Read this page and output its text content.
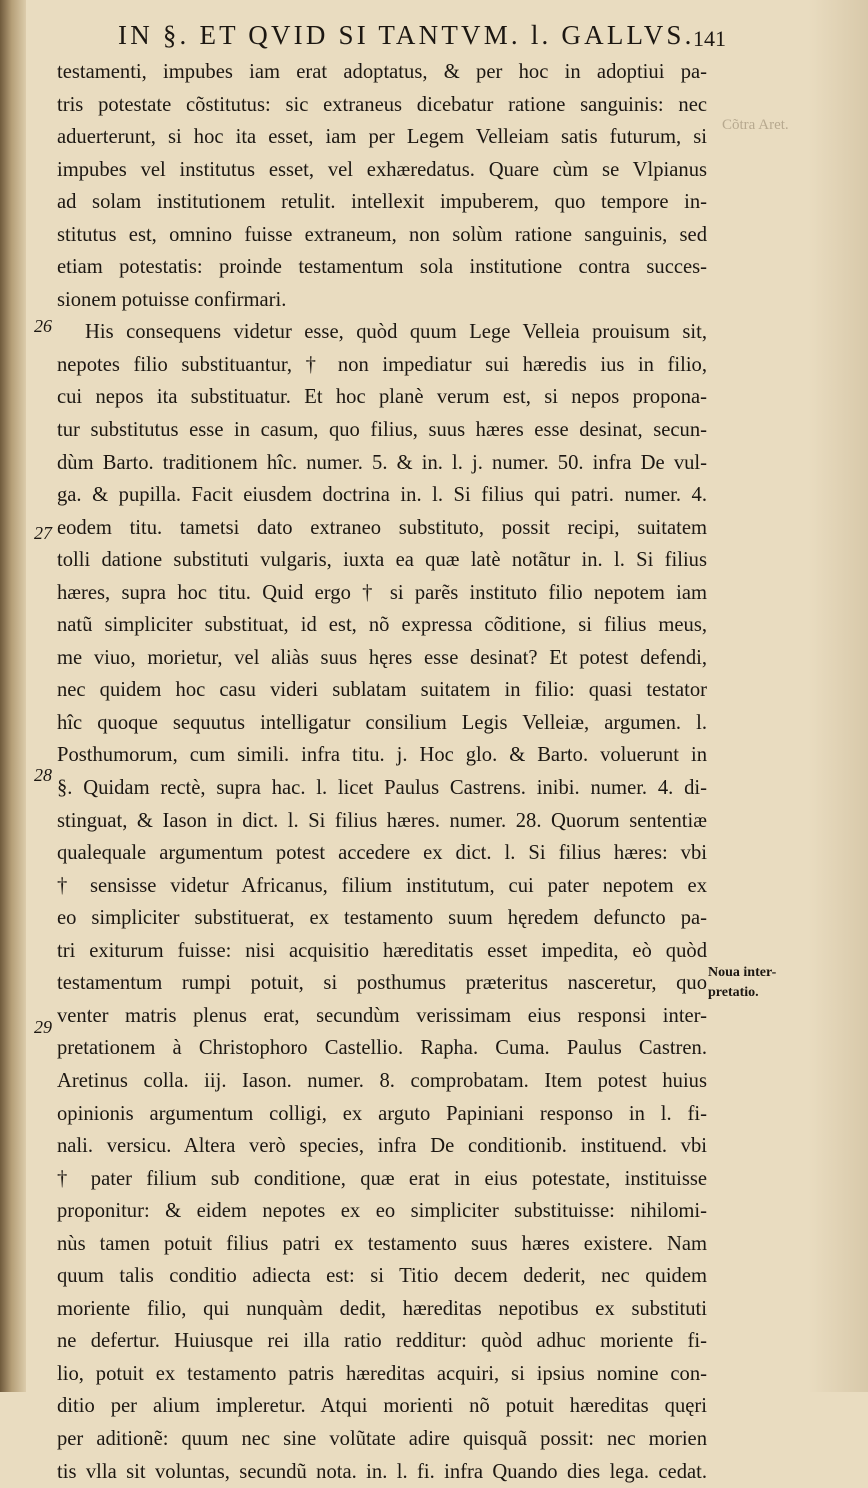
IN §. ET QVID SI TANTVM. l. GALLVS.
141
Cõtra Aret.
testamenti, impubes iam erat adoptatus, & per hoc in adoptiui pa-
tris potestate cõstitutus: sic extraneus dicebatur ratione sanguinis: nec
aduerterunt, si hoc ita esset, iam per Legem Velleiam satis futurum, si
impubes vel institutus esset, vel exhæredatus. Quare cùm se Vlpianus
ad solam institutionem retulit. intellexit impuberem, quo tempore in-
stitutus est, omnino fuisse extraneum, non solùm ratione sanguinis, sed
etiam potestatis: proinde testamentum sola institutione contra succes-
sionem potuisse confirmari.
His consequens videtur esse, quòd quum Lege Velleia prouisum sit,
nepotes filio substituantur, † non impediatur sui hæredis ius in filio,
cui nepos ita substituatur. Et hoc planè verum est, si nepos propona-
tur substitutus esse in casum, quo filius, suus hæres esse desinat, secun-
dùm Barto. traditionem hîc. numer. 5. & in. l. j. numer. 50. infra De vul-
ga. & pupilla. Facit eiusdem doctrina in. l. Si filius qui patri. numer. 4.
eodem titu. tametsi dato extraneo substituto, possit recipi, suitatem
tolli datione substituti vulgaris, iuxta ea quæ latè notãtur in. l. Si filius
hæres, supra hoc titu. Quid ergo † si parẽs instituto filio nepotem iam
natũ simpliciter substituat, id est, nõ expressa cõditione, si filius meus,
me viuo, morietur, vel aliàs suus hęres esse desinat? Et potest defendi,
nec quidem hoc casu videri sublatam suitatem in filio: quasi testator
hîc quoque sequutus intelligatur consilium Legis Velleiæ, argumen. l.
Posthumorum, cum simili. infra titu. j. Hoc glo. & Barto. voluerunt in
§. Quidam rectè, supra hac. l. licet Paulus Castrens. inibi. numer. 4. di-
stinguat, & Iason in dict. l. Si filius hæres. numer. 28. Quorum sententiæ
qualequale argumentum potest accedere ex dict. l. Si filius hæres: vbi
† sensisse videtur Africanus, filium institutum, cui pater nepotem ex
eo simpliciter substituerat, ex testamento suum hęredem defuncto pa-
tri exiturum fuisse: nisi acquisitio hæreditatis esset impedita, eò quòd
testamentum rumpi potuit, si posthumus præteritus nasceretur, quo
venter matris plenus erat, secundùm verissimam eius responsi inter-
pretationem à Christophoro Castellio. Rapha. Cuma. Paulus Castren.
Aretinus colla. iij. Iason. numer. 8. comprobatam. Item potest huius
opinionis argumentum colligi, ex arguto Papiniani responso in l. fi-
nali. versicu. Altera verò species, infra De conditionib. instituend. vbi
† pater filium sub conditione, quæ erat in eius potestate, instituisse
proponitur: & eidem nepotes ex eo simpliciter substituisse: nihilomi-
nùs tamen potuit filius patri ex testamento suus hæres existere. Nam
quum talis conditio adiecta est: si Titio decem dederit, nec quidem
moriente filio, qui nunquàm dedit, hæreditas nepotibus ex substituti
ne defertur. Huiusque rei illa ratio redditur: quòd adhuc moriente fi-
lio, potuit ex testamento patris hæreditas acquiri, si ipsius nomine con-
ditio per alium impleretur. Atqui morienti nõ potuit hæreditas quęri
per aditionẽ: quum nec sine volũtate adire quisquã possit: nec morien
tis vlla sit voluntas, secundũ nota. in. l. fi. infra Quando dies lega. cedat.
26
27
28
29
Noua inter-
pretatio.
